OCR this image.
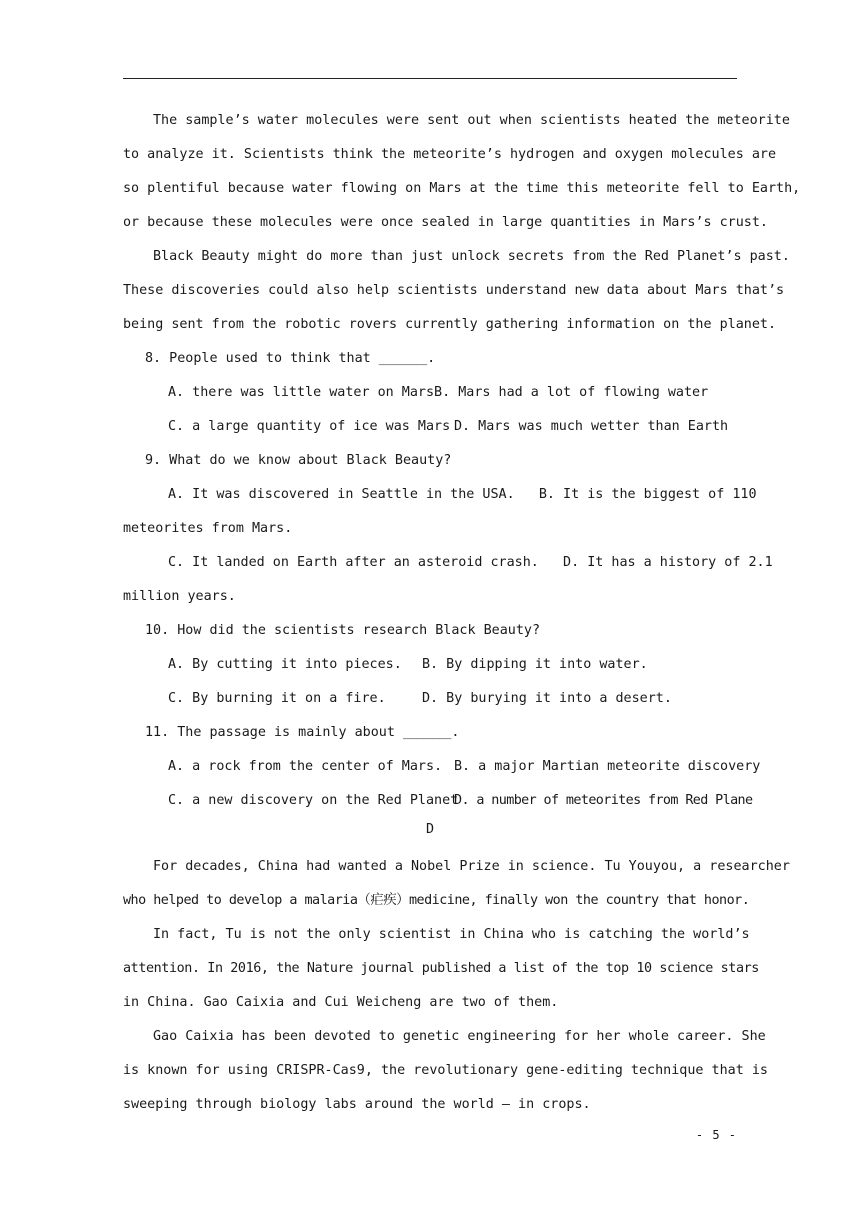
The sample’s water molecules were sent out when scientists heated the meteorite
to analyze it. Scientists think the meteorite’s hydrogen and oxygen molecules are
so plentiful because water flowing on Mars at the time this meteorite fell to Earth,
or because these molecules were once sealed in large quantities in Mars’s crust.
Black Beauty might do more than just unlock secrets from the Red Planet’s past.
These discoveries could also help scientists understand new data about Mars that’s
being sent from the robotic rovers currently gathering information on the planet.
8. People used to think that ______.
A. there was little water on Mars B. Mars had a lot of flowing water
C. a large quantity of ice was Mars D. Mars was much wetter than Earth
9. What do we know about Black Beauty?
A. It was discovered in Seattle in the USA.   B. It is the biggest of 110
meteorites from Mars.
C. It landed on Earth after an asteroid crash.   D. It has a history of 2.1
million years.
10. How did the scientists research Black Beauty?
A. By cutting it into pieces.	B. By dipping it into water.
C. By burning it on a fire.	D. By burying it into a desert.
11. The passage is mainly about ______.
A. a rock from the center of Mars. B. a major Martian meteorite discovery
C. a new discovery on the Red Planet
D. a number of meteorites from Red Plane
D
For decades, China had wanted a Nobel Prize in science. Tu Youyou, a researcher
who helped to develop a malaria（疟疾）medicine, finally won the country that honor.
In fact, Tu is not the only scientist in China who is catching the world’s
attention. In 2016, the Nature journal published a list of the top 10 science stars
in China. Gao Caixia and Cui Weicheng are two of them.
Gao Caixia has been devoted to genetic engineering for her whole career. She
is known for using CRISPR-Cas9, the revolutionary gene-editing technique that is
sweeping through biology labs around the world – in crops.
- 5 -
